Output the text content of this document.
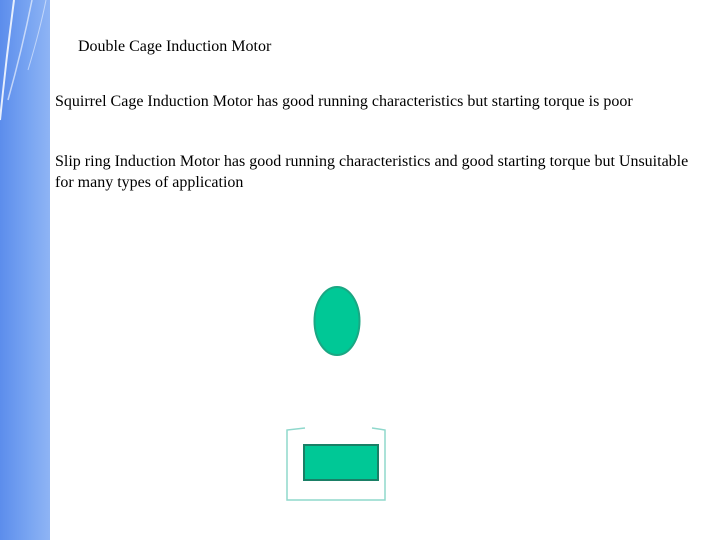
Double Cage Induction Motor
Squirrel Cage Induction Motor has good running characteristics but starting torque is poor
Slip ring Induction Motor has good running characteristics and good starting torque but Unsuitable for many types of application
